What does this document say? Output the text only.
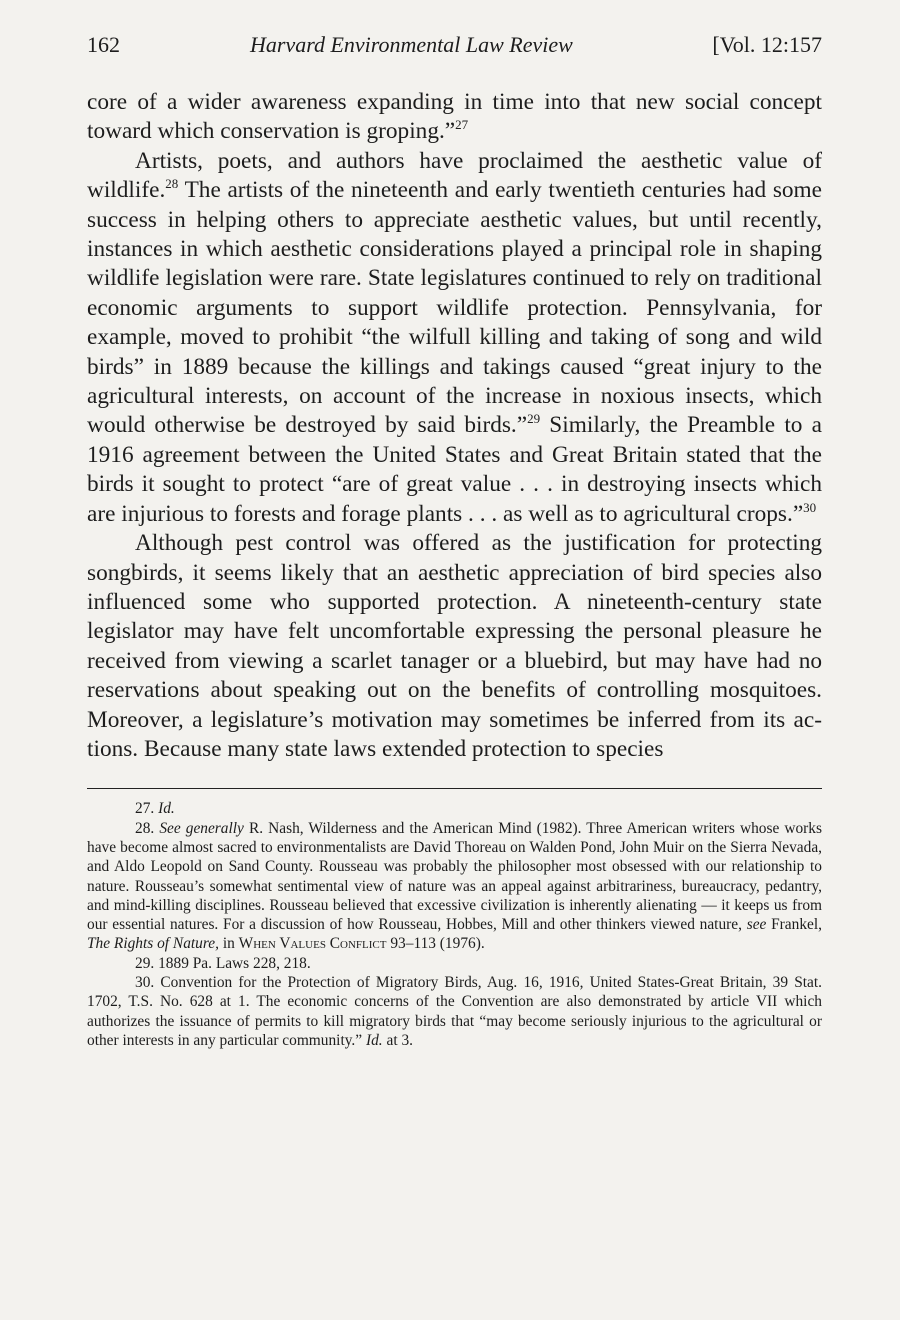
162	Harvard Environmental Law Review	[Vol. 12:157

core of a wider awareness expanding in time into that new social concept toward which conservation is groping.”$^{27}$

Artists, poets, and authors have proclaimed the aesthetic value of wildlife.$^{28}$ The artists of the nineteenth and early twentieth centuries had some success in helping others to appreciate aesthetic values, but until recently, instances in which aesthetic considerations played a principal role in shaping wildlife legislation were rare. State legislatures continued to rely on traditional economic arguments to support wildlife protection. Pennsylvania, for example, moved to prohibit “the wilfull killing and taking of song and wild birds” in 1889 because the killings and takings caused “great injury to the agricultural interests, on account of the increase in noxious insects, which would otherwise be destroyed by said birds.”$^{29}$ Similarly, the Preamble to a 1916 agreement between the United States and Great Britain stated that the birds it sought to protect “are of great value . . . in destroying insects which are injurious to forests and forage plants . . . as well as to agricultural crops.”$^{30}$

Although pest control was offered as the justification for protecting songbirds, it seems likely that an aesthetic appreciation of bird species also influenced some who supported protection. A nineteenth-century state legislator may have felt uncomfortable expressing the personal pleasure he received from viewing a scarlet tanager or a bluebird, but may have had no reservations about speaking out on the benefits of controlling mosquitoes. Moreover, a legislature’s motivation may sometimes be inferred from its actions. Because many state laws extended protection to species

27. Id.

28. See generally R. Nash, Wilderness and the American Mind (1982). Three American writers whose works have become almost sacred to environmentalists are David Thoreau on Walden Pond, John Muir on the Sierra Nevada, and Aldo Leopold on Sand County. Rousseau was probably the philosopher most obsessed with our relationship to nature. Rousseau’s somewhat sentimental view of nature was an appeal against arbitrariness, bureaucracy, pedantry, and mind-killing disciplines. Rousseau believed that excessive civilization is inherently alienating — it keeps us from our essential natures. For a discussion of how Rousseau, Hobbes, Mill and other thinkers viewed nature, see Frankel, The Rights of Nature, in When Values Conflict 93–113 (1976).

29. 1889 Pa. Laws 228, 218.

30. Convention for the Protection of Migratory Birds, Aug. 16, 1916, United States-Great Britain, 39 Stat. 1702, T.S. No. 628 at 1. The economic concerns of the Convention are also demonstrated by article VII which authorizes the issuance of permits to kill migratory birds that “may become seriously injurious to the agricultural or other interests in any particular community.” Id. at 3.
